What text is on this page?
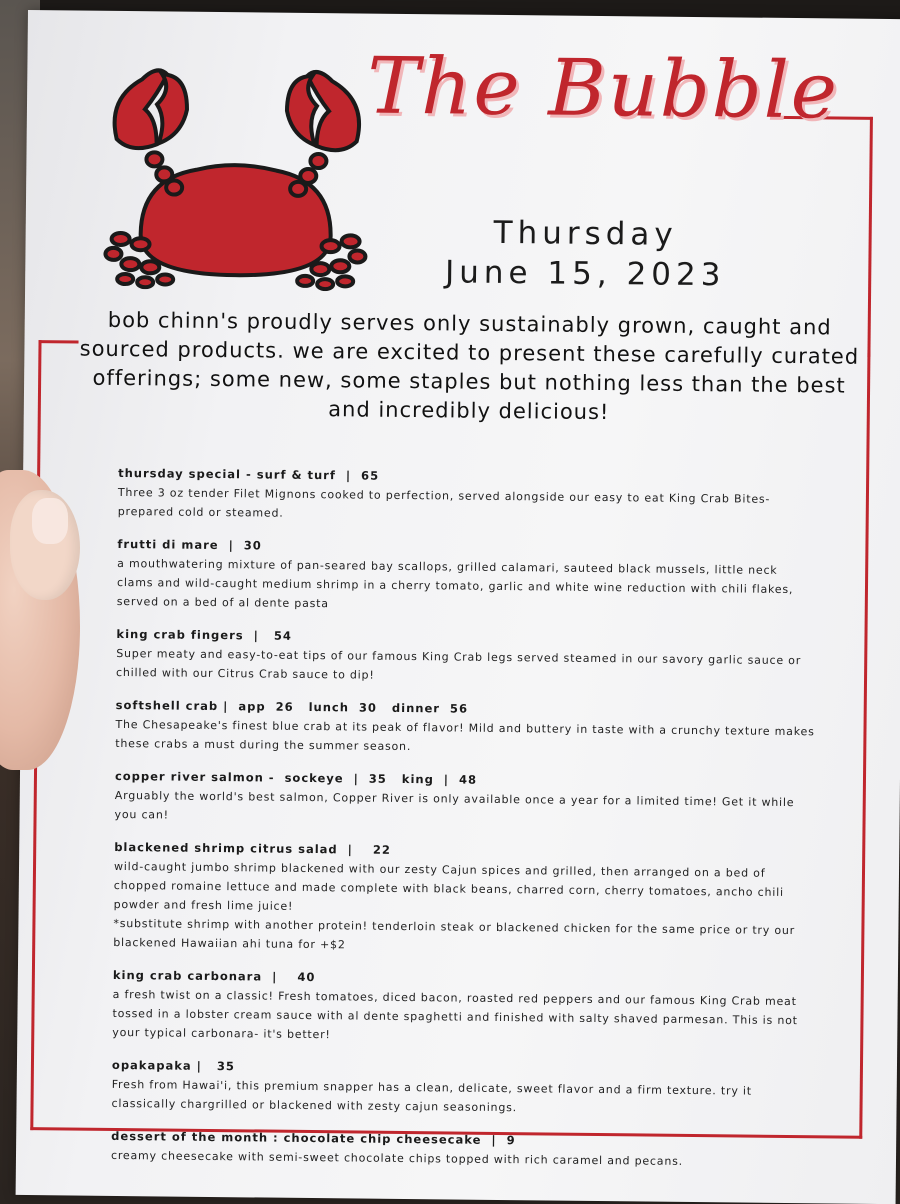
The Bubble
Thursday
June 15, 2023
bob chinn's proudly serves only sustainably grown, caught and sourced products. we are excited to present these carefully curated offerings; some new, some staples but nothing less than the best and incredibly delicious!
thursday special - surf & turf  |  65
Three 3 oz tender Filet Mignons cooked to perfection, served alongside our easy to eat King Crab Bites- prepared cold or steamed.
frutti di mare  |  30
a mouthwatering mixture of pan-seared bay scallops, grilled calamari, sauteed black mussels, little neck clams and wild-caught medium shrimp in a cherry tomato, garlic and white wine reduction with chili flakes, served on a bed of al dente pasta
king crab fingers  |   54
Super meaty and easy-to-eat tips of our famous King Crab legs served steamed in our savory garlic sauce or chilled with our Citrus Crab sauce to dip!
softshell crab |  app  26   lunch  30   dinner  56
The Chesapeake's finest blue crab at its peak of flavor! Mild and buttery in taste with a crunchy texture makes these crabs a must during the summer season.
copper river salmon -  sockeye  |  35   king  |  48
Arguably the world's best salmon, Copper River is only available once a year for a limited time! Get it while you can!
blackened shrimp citrus salad  |    22
wild-caught jumbo shrimp blackened with our zesty Cajun spices and grilled, then arranged on a bed of chopped romaine lettuce and made complete with black beans, charred corn, cherry tomatoes, ancho chili powder and fresh lime juice!
*substitute shrimp with another protein! tenderloin steak or blackened chicken for the same price or try our blackened Hawaiian ahi tuna for +$2
king crab carbonara  |    40
a fresh twist on a classic! Fresh tomatoes, diced bacon, roasted red peppers and our famous King Crab meat tossed in a lobster cream sauce with al dente spaghetti and finished with salty shaved parmesan. This is not your typical carbonara- it's better!
opakapaka |   35
Fresh from Hawai'i, this premium snapper has a clean, delicate, sweet flavor and a firm texture. try it classically chargrilled or blackened with zesty cajun seasonings.
dessert of the month : chocolate chip cheesecake  |  9
creamy cheesecake with semi-sweet chocolate chips topped with rich caramel and pecans.
